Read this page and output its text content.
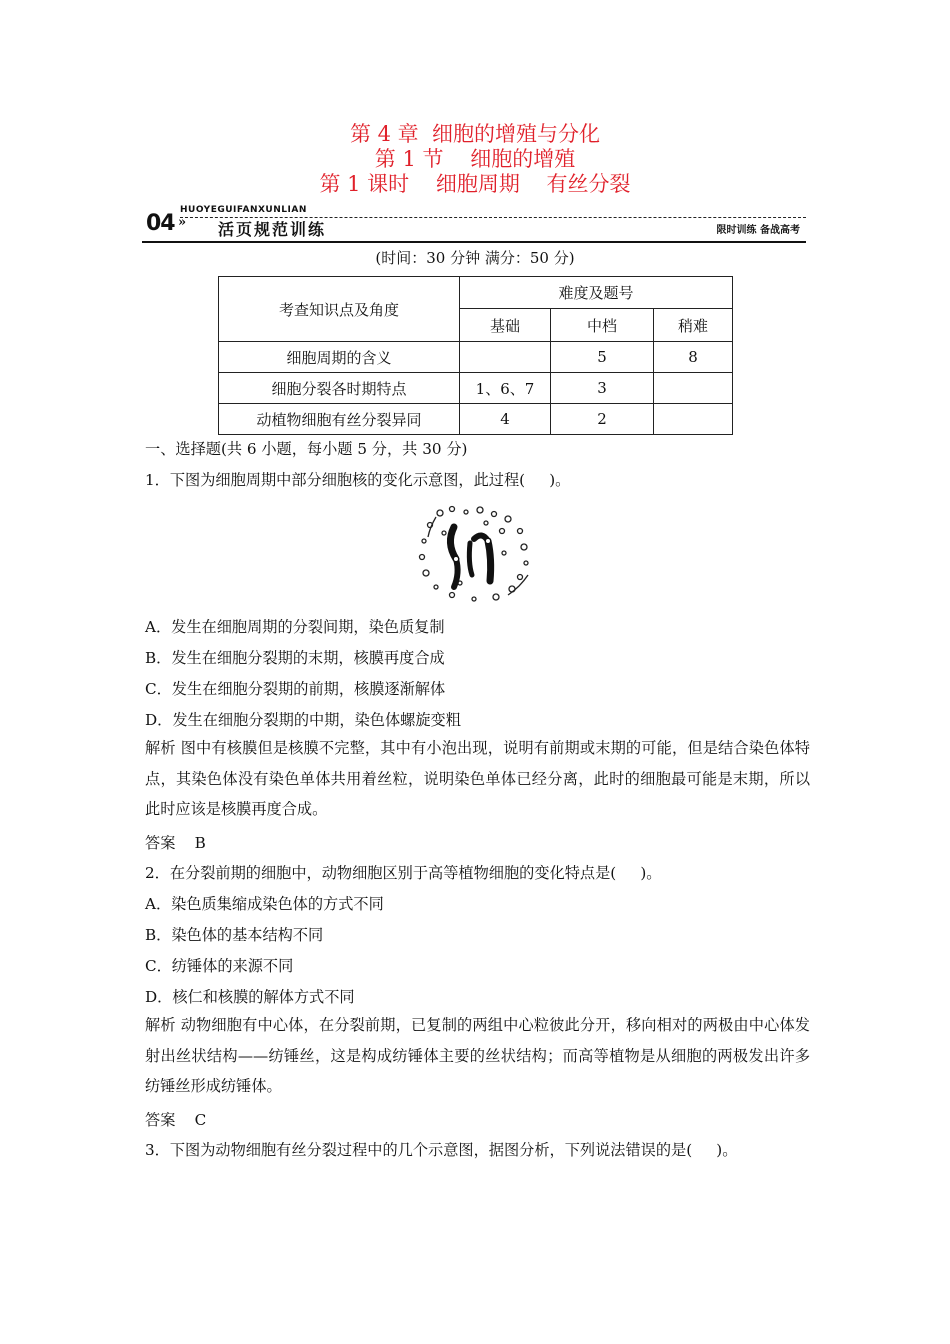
第 4 章  细胞的增殖与分化
第 1 节    细胞的增殖
第 1 课时    细胞周期    有丝分裂
HUOYEGUIFANXUNLIAN
04 » 活页规范训练	限时训练 备战高考
(时间：30 分钟 满分：50 分)
考查知识点及角度	难度及题号		
	基础	中档	稍难
细胞周期的含义		5	8
细胞分裂各时期特点	1、6、7	3	
动植物细胞有丝分裂异同	4	2	
一、选择题(共 6 小题，每小题 5 分，共 30 分)
1．下图为细胞周期中部分细胞核的变化示意图，此过程(     )。
A．发生在细胞周期的分裂间期，染色质复制
B．发生在细胞分裂期的末期，核膜再度合成
C．发生在细胞分裂期的前期，核膜逐渐解体
D．发生在细胞分裂期的中期，染色体螺旋变粗
解析 图中有核膜但是核膜不完整，其中有小泡出现，说明有前期或末期的可能，但是结合染色体特点，其染色体没有染色单体共用着丝粒，说明染色单体已经分离，此时的细胞最可能是末期，所以此时应该是核膜再度合成。
答案    B
2．在分裂前期的细胞中，动物细胞区别于高等植物细胞的变化特点是(     )。
A．染色质集缩成染色体的方式不同
B．染色体的基本结构不同
C．纺锤体的来源不同
D．核仁和核膜的解体方式不同
解析 动物细胞有中心体，在分裂前期，已复制的两组中心粒彼此分开，移向相对的两极由中心体发射出丝状结构——纺锤丝，这是构成纺锤体主要的丝状结构；而高等植物是从细胞的两极发出许多纺锤丝形成纺锤体。
答案    C
3．下图为动物细胞有丝分裂过程中的几个示意图，据图分析，下列说法错误的是(     )。
